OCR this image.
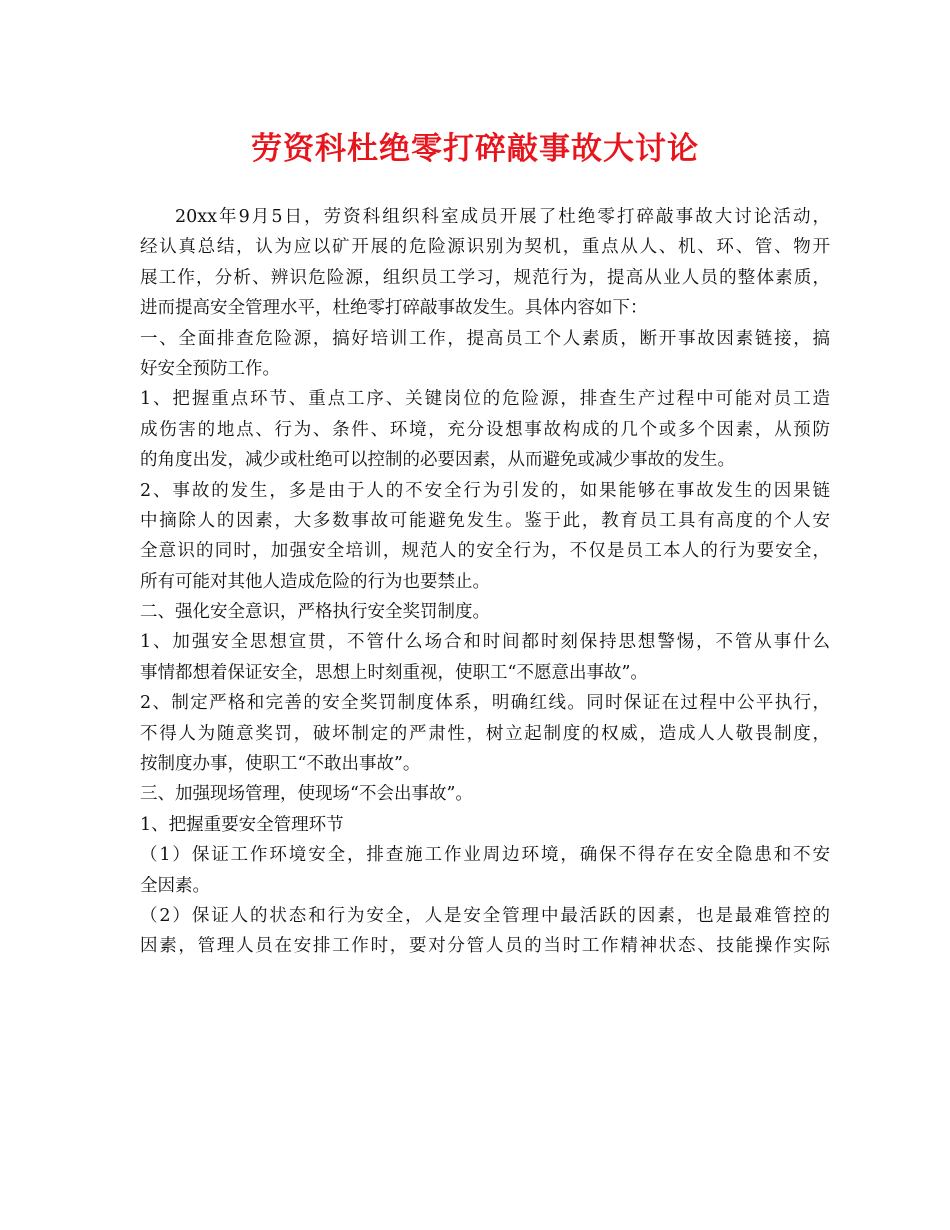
劳资科杜绝零打碎敲事故大讨论
20xx年9月5日，劳资科组织科室成员开展了杜绝零打碎敲事故大讨论活动，
经认真总结，认为应以矿开展的危险源识别为契机，重点从人、机、环、管、物开
展工作，分析、辨识危险源，组织员工学习，规范行为，提高从业人员的整体素质，
进而提高安全管理水平，杜绝零打碎敲事故发生。具体内容如下：
一、全面排查危险源，搞好培训工作，提高员工个人素质，断开事故因素链接，搞
好安全预防工作。
1、把握重点环节、重点工序、关键岗位的危险源，排查生产过程中可能对员工造
成伤害的地点、行为、条件、环境，充分设想事故构成的几个或多个因素，从预防
的角度出发，减少或杜绝可以控制的必要因素，从而避免或减少事故的发生。
2、事故的发生，多是由于人的不安全行为引发的，如果能够在事故发生的因果链
中摘除人的因素，大多数事故可能避免发生。鉴于此，教育员工具有高度的个人安
全意识的同时，加强安全培训，规范人的安全行为，不仅是员工本人的行为要安全，
所有可能对其他人造成危险的行为也要禁止。
二、强化安全意识，严格执行安全奖罚制度。
1、加强安全思想宣贯，不管什么场合和时间都时刻保持思想警惕，不管从事什么
事情都想着保证安全，思想上时刻重视，使职工“不愿意出事故”。
2、制定严格和完善的安全奖罚制度体系，明确红线。同时保证在过程中公平执行，
不得人为随意奖罚，破坏制定的严肃性，树立起制度的权威，造成人人敬畏制度，
按制度办事，使职工“不敢出事故”。
三、加强现场管理，使现场“不会出事故”。
1、把握重要安全管理环节
（1）保证工作环境安全，排查施工作业周边环境，确保不得存在安全隐患和不安
全因素。
（2）保证人的状态和行为安全，人是安全管理中最活跃的因素，也是最难管控的
因素，管理人员在安排工作时，要对分管人员的当时工作精神状态、技能操作实际
